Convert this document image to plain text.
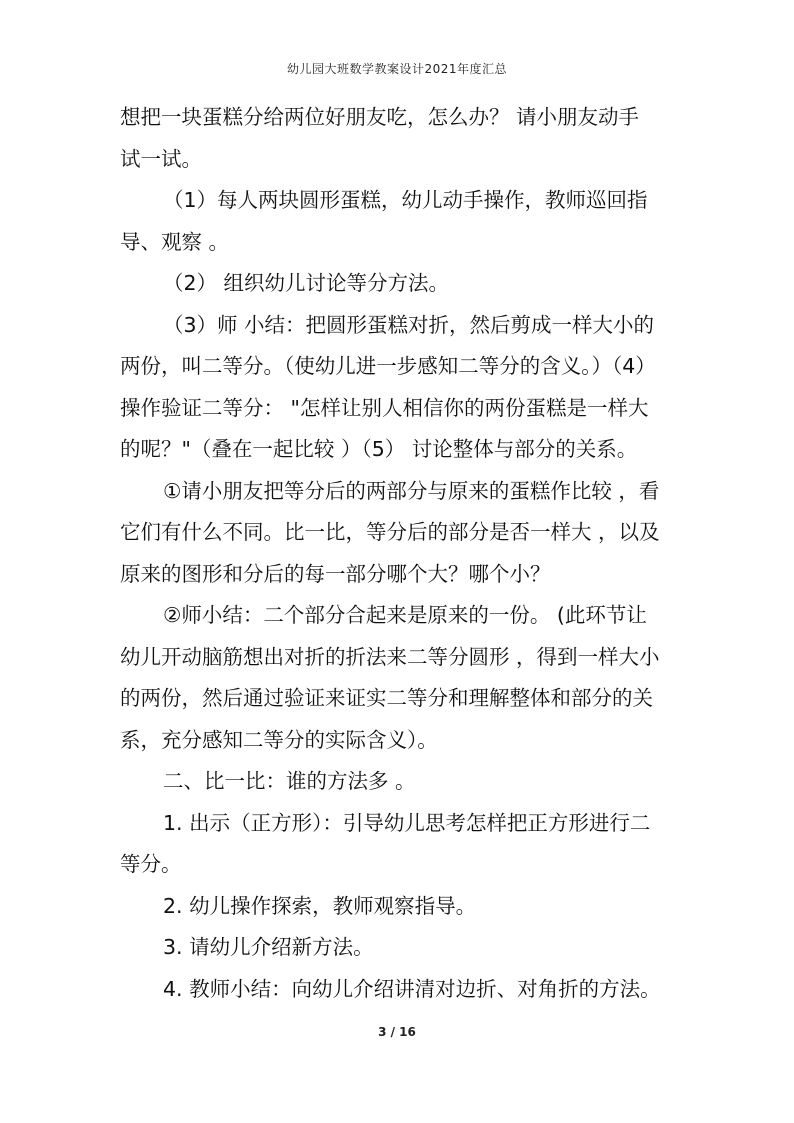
幼儿园大班数学教案设计2021年度汇总

想把一块蛋糕分给两位好朋友吃，怎么办？ 请小朋友动手

试一试。

（1）每人两块圆形蛋糕，幼儿动手操作，教师巡回指

导、观察 。

（2） 组织幼儿讨论等分方法。

（3）师 小结：把圆形蛋糕对折，然后剪成一样大小的

两份，叫二等分。（使幼儿进一步感知二等分的含义。）（4）

操作验证二等分： "怎样让别人相信你的两份蛋糕是一样大

的呢？"（叠在一起比较 ）（5） 讨论整体与部分的关系。

①请小朋友把等分后的两部分与原来的蛋糕作比较 ，看

它们有什么不同。比一比，等分后的部分是否一样大 ，以及

原来的图形和分后的每一部分哪个大？哪个小？

②师小结：二个部分合起来是原来的一份。 (此环节让

幼儿开动脑筋想出对折的折法来二等分圆形 ，得到一样大小

的两份，然后通过验证来证实二等分和理解整体和部分的关

系，充分感知二等分的实际含义）。

二、比一比：谁的方法多 。

1. 出示（正方形）：引导幼儿思考怎样把正方形进行二

等分。

2. 幼儿操作探索，教师观察指导。

3. 请幼儿介绍新方法。

4. 教师小结：向幼儿介绍讲清对边折、对角折的方法。

3 / 16
